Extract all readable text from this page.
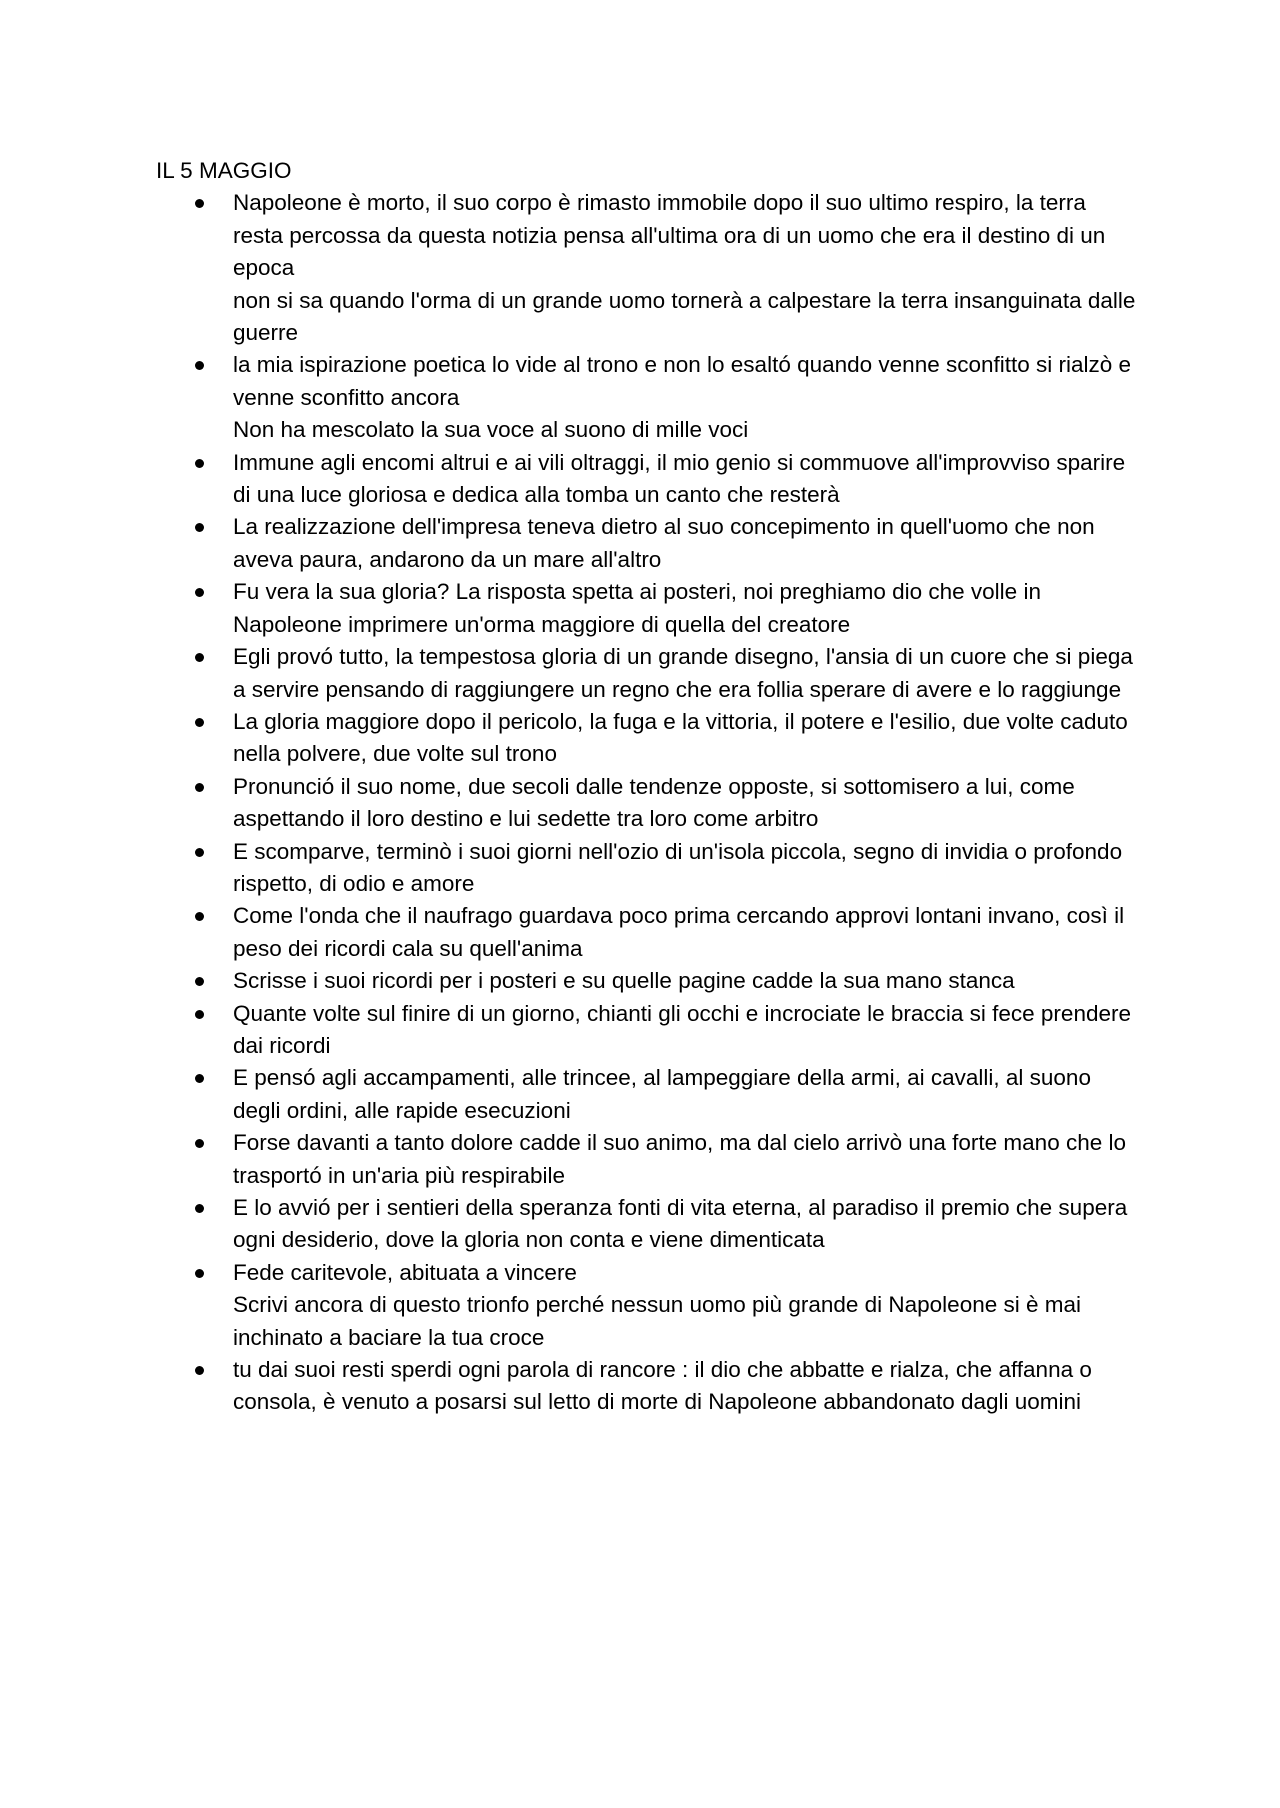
IL 5 MAGGIO

Napoleone è morto, il suo corpo è rimasto immobile dopo il suo ultimo respiro, la terra resta percossa da questa notizia pensa all'ultima ora di un uomo che era il destino di un epoca

non si sa quando l'orma di un grande uomo tornerà a calpestare la terra insanguinata dalle guerre

la mia ispirazione poetica lo vide al trono e non lo esaltó quando venne sconfitto si rialzò e venne sconfitto ancora

Non ha mescolato la sua voce al suono di mille voci

Immune agli encomi altrui e ai vili oltraggi, il mio genio si commuove all'improvviso sparire di una luce gloriosa e dedica alla tomba un canto che resterà

La realizzazione dell'impresa teneva dietro al suo concepimento in quell'uomo che non aveva paura, andarono da un mare all'altro

Fu vera la sua gloria? La risposta spetta ai posteri, noi preghiamo dio che volle in Napoleone imprimere un'orma maggiore di quella del creatore

Egli provó tutto, la tempestosa gloria di un grande disegno, l'ansia di un cuore che si piega a servire pensando di raggiungere un regno che era follia sperare di avere e lo raggiunge

La gloria maggiore dopo il pericolo, la fuga e la vittoria, il potere e l'esilio, due volte caduto nella polvere, due volte sul trono

Pronunció il suo nome, due secoli dalle tendenze opposte, si sottomisero a lui, come aspettando il loro destino e lui sedette tra loro come arbitro

E scomparve, terminò i suoi giorni nell'ozio di un'isola piccola, segno di invidia o profondo rispetto, di odio e amore

Come l'onda che il naufrago guardava poco prima cercando approvi lontani invano, così il peso dei ricordi cala su quell'anima

Scrisse i suoi ricordi per i posteri e su quelle pagine cadde la sua mano stanca

Quante volte sul finire di un giorno, chianti gli occhi e incrociate le braccia si fece prendere dai ricordi

E pensó agli accampamenti, alle trincee, al lampeggiare della armi, ai cavalli, al suono degli ordini, alle rapide esecuzioni

Forse davanti a tanto dolore cadde il suo animo, ma dal cielo arrivò una forte mano che lo trasportó in un'aria più respirabile

E lo avvió per i sentieri della speranza fonti di vita eterna, al paradiso il premio che supera ogni desiderio, dove la gloria non conta e viene dimenticata

Fede caritevole, abituata a vincere

Scrivi ancora di questo trionfo perché nessun uomo più grande di Napoleone si è mai inchinato a baciare la tua croce

tu dai suoi resti sperdi ogni parola di rancore : il dio che abbatte e rialza, che affanna o consola, è venuto a posarsi sul letto di morte di Napoleone abbandonato dagli uomini
